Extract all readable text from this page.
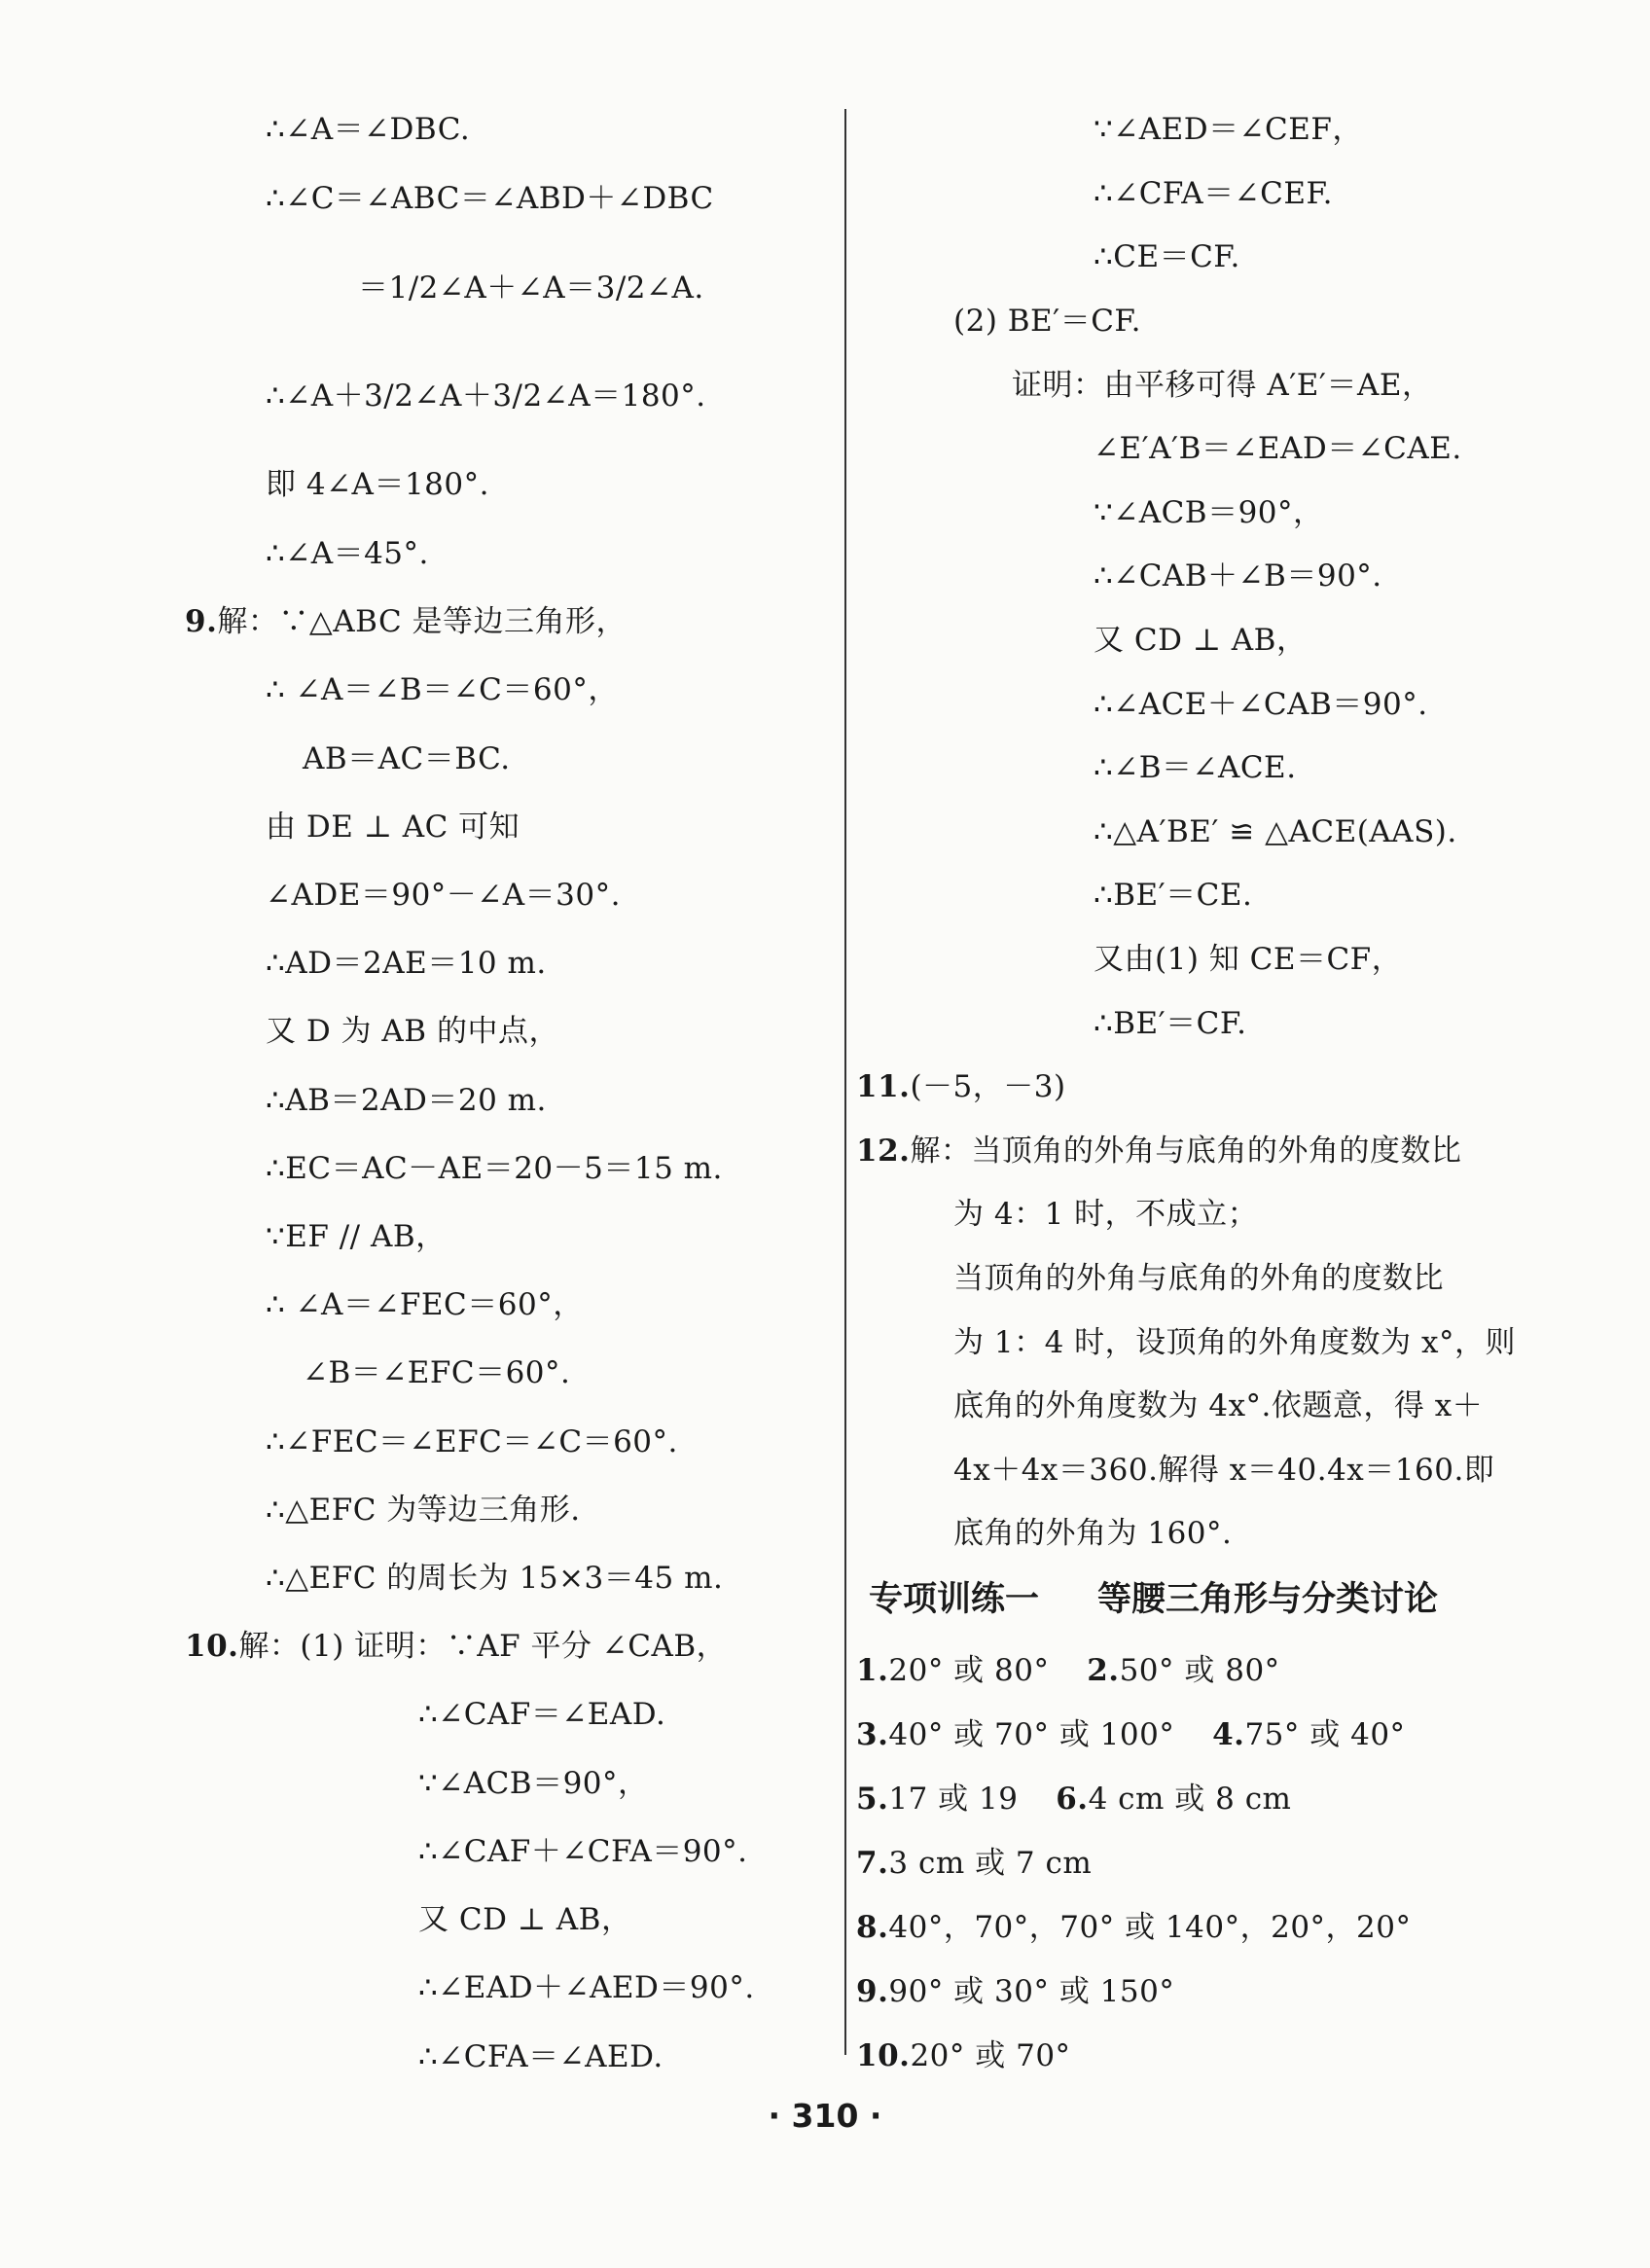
∴∠A＝∠DBC.
∴∠C＝∠ABC＝∠ABD＋∠DBC
＝1/2∠A＋∠A＝3/2∠A.
∴∠A＋3/2∠A＋3/2∠A＝180°.
即 4∠A＝180°.
∴∠A＝45°.
9.解：∵△ABC 是等边三角形，
∴ ∠A＝∠B＝∠C＝60°，
AB＝AC＝BC.
由 DE ⊥ AC 可知
∠ADE＝90°－∠A＝30°.
∴AD＝2AE＝10 m.
又 D 为 AB 的中点，
∴AB＝2AD＝20 m.
∴EC＝AC－AE＝20－5＝15 m.
∵EF // AB，
∴ ∠A＝∠FEC＝60°，
∠B＝∠EFC＝60°.
∴∠FEC＝∠EFC＝∠C＝60°.
∴△EFC 为等边三角形.
∴△EFC 的周长为 15×3＝45 m.
10.解：(1) 证明：∵AF 平分 ∠CAB，
∴∠CAF＝∠EAD.
∵∠ACB＝90°，
∴∠CAF＋∠CFA＝90°.
又 CD ⊥ AB，
∴∠EAD＋∠AED＝90°.
∴∠CFA＝∠AED.
∵∠AED＝∠CEF，
∴∠CFA＝∠CEF.
∴CE＝CF.
(2) BE′＝CF.
证明：由平移可得 A′E′＝AE，
∠E′A′B＝∠EAD＝∠CAE.
∵∠ACB＝90°，
∴∠CAB＋∠B＝90°.
又 CD ⊥ AB，
∴∠ACE＋∠CAB＝90°.
∴∠B＝∠ACE.
∴△A′BE′ ≌ △ACE(AAS).
∴BE′＝CE.
又由(1) 知 CE＝CF，
∴BE′＝CF.
11.(－5，－3)
12.解：当顶角的外角与底角的外角的度数比
为 4：1 时，不成立；
当顶角的外角与底角的外角的度数比
为 1：4 时，设顶角的外角度数为 x°，则
底角的外角度数为 4x°.依题意，得 x＋
4x＋4x＝360.解得 x＝40.4x＝160.即
底角的外角为 160°.
专项训练一 等腰三角形与分类讨论
1.20° 或 80° 2.50° 或 80°
3.40° 或 70° 或 100° 4.75° 或 40°
5.17 或 19 6.4 cm 或 8 cm
7.3 cm 或 7 cm
8.40°，70°，70° 或 140°，20°，20°
9.90° 或 30° 或 150°
10.20° 或 70°
· 310 ·
